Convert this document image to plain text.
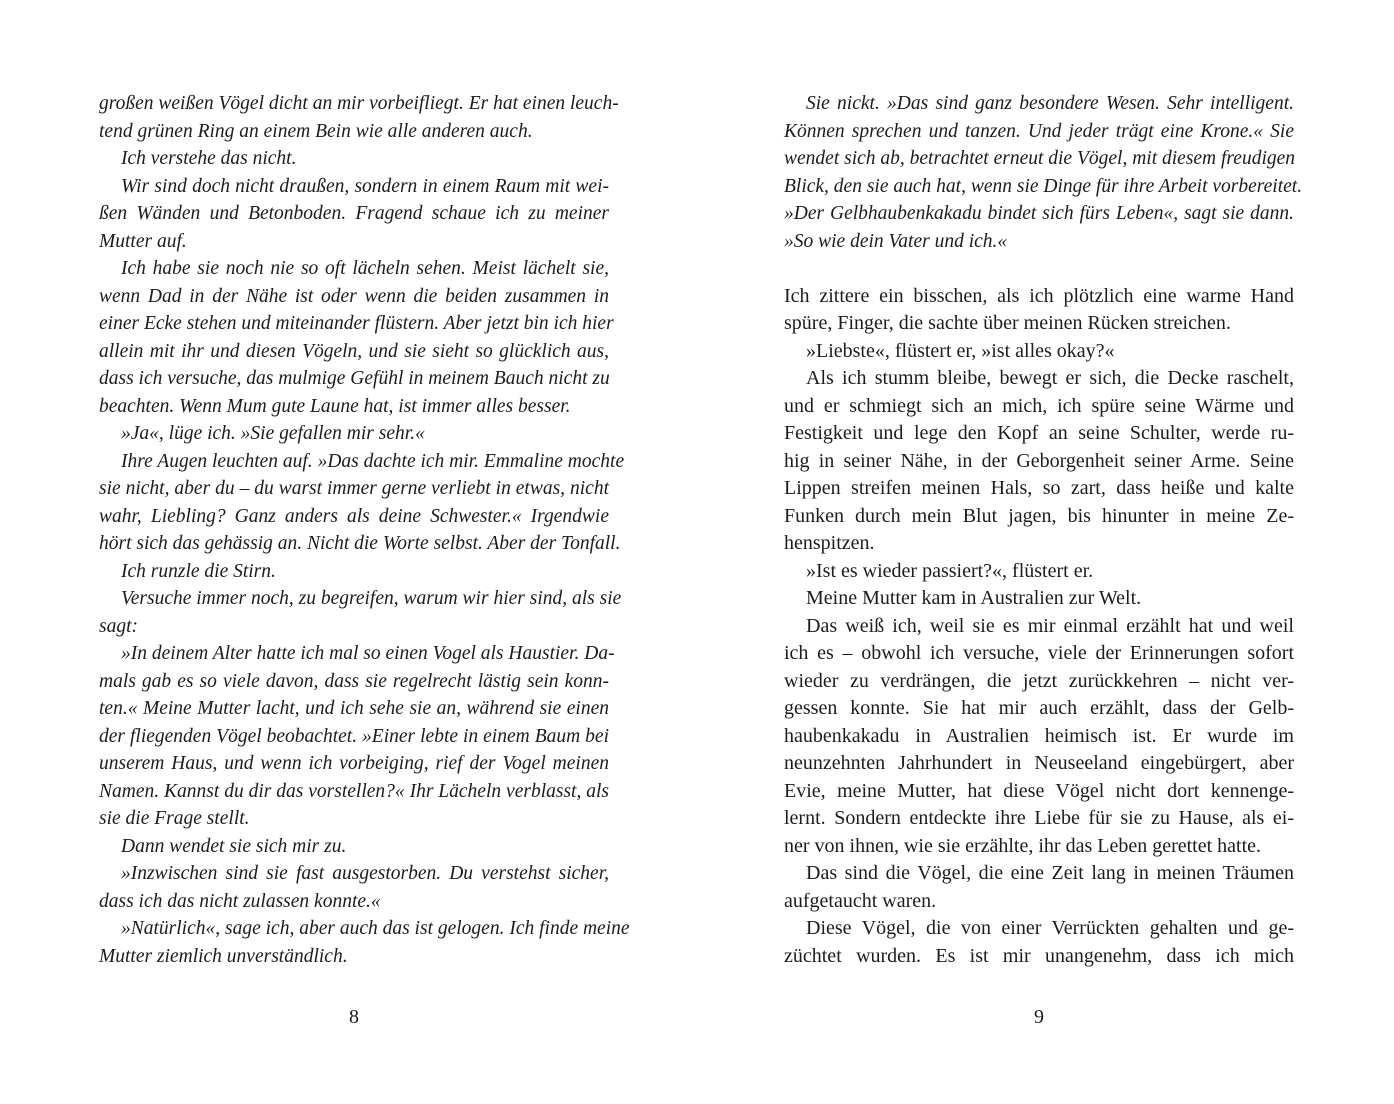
großen weißen Vögel dicht an mir vorbeifliegt. Er hat einen leuch-
tend grünen Ring an einem Bein wie alle anderen auch.
Ich verstehe das nicht.
Wir sind doch nicht draußen, sondern in einem Raum mit wei-
ßen Wänden und Betonboden. Fragend schaue ich zu meiner
Mutter auf.
Ich habe sie noch nie so oft lächeln sehen. Meist lächelt sie,
wenn Dad in der Nähe ist oder wenn die beiden zusammen in
einer Ecke stehen und miteinander flüstern. Aber jetzt bin ich hier
allein mit ihr und diesen Vögeln, und sie sieht so glücklich aus,
dass ich versuche, das mulmige Gefühl in meinem Bauch nicht zu
beachten. Wenn Mum gute Laune hat, ist immer alles besser.
»Ja«, lüge ich. »Sie gefallen mir sehr.«
Ihre Augen leuchten auf. »Das dachte ich mir. Emmaline mochte
sie nicht, aber du – du warst immer gerne verliebt in etwas, nicht
wahr, Liebling? Ganz anders als deine Schwester.« Irgendwie
hört sich das gehässig an. Nicht die Worte selbst. Aber der Tonfall.
Ich runzle die Stirn.
Versuche immer noch, zu begreifen, warum wir hier sind, als sie
sagt:
»In deinem Alter hatte ich mal so einen Vogel als Haustier. Da-
mals gab es so viele davon, dass sie regelrecht lästig sein konn-
ten.« Meine Mutter lacht, und ich sehe sie an, während sie einen
der fliegenden Vögel beobachtet. »Einer lebte in einem Baum bei
unserem Haus, und wenn ich vorbeiging, rief der Vogel meinen
Namen. Kannst du dir das vorstellen?« Ihr Lächeln verblasst, als
sie die Frage stellt.
Dann wendet sie sich mir zu.
»Inzwischen sind sie fast ausgestorben. Du verstehst sicher,
dass ich das nicht zulassen konnte.«
»Natürlich«, sage ich, aber auch das ist gelogen. Ich finde meine
Mutter ziemlich unverständlich.
8
Sie nickt. »Das sind ganz besondere Wesen. Sehr intelligent.
Können sprechen und tanzen. Und jeder trägt eine Krone.« Sie
wendet sich ab, betrachtet erneut die Vögel, mit diesem freudigen
Blick, den sie auch hat, wenn sie Dinge für ihre Arbeit vorbereitet.
»Der Gelbhaubenkakadu bindet sich fürs Leben«, sagt sie dann.
»So wie dein Vater und ich.«
Ich zittere ein bisschen, als ich plötzlich eine warme Hand
spüre, Finger, die sachte über meinen Rücken streichen.
»Liebste«, flüstert er, »ist alles okay?«
Als ich stumm bleibe, bewegt er sich, die Decke raschelt,
und er schmiegt sich an mich, ich spüre seine Wärme und
Festigkeit und lege den Kopf an seine Schulter, werde ru-
hig in seiner Nähe, in der Geborgenheit seiner Arme. Seine
Lippen streifen meinen Hals, so zart, dass heiße und kalte
Funken durch mein Blut jagen, bis hinunter in meine Ze-
henspitzen.
»Ist es wieder passiert?«, flüstert er.
Meine Mutter kam in Australien zur Welt.
Das weiß ich, weil sie es mir einmal erzählt hat und weil
ich es – obwohl ich versuche, viele der Erinnerungen sofort
wieder zu verdrängen, die jetzt zurückkehren – nicht ver-
gessen konnte. Sie hat mir auch erzählt, dass der Gelb-
haubenkakadu in Australien heimisch ist. Er wurde im
neunzehnten Jahrhundert in Neuseeland eingebürgert, aber
Evie, meine Mutter, hat diese Vögel nicht dort kennenge-
lernt. Sondern entdeckte ihre Liebe für sie zu Hause, als ei-
ner von ihnen, wie sie erzählte, ihr das Leben gerettet hatte.
Das sind die Vögel, die eine Zeit lang in meinen Träumen
aufgetaucht waren.
Diese Vögel, die von einer Verrückten gehalten und ge-
züchtet wurden. Es ist mir unangenehm, dass ich mich
9
